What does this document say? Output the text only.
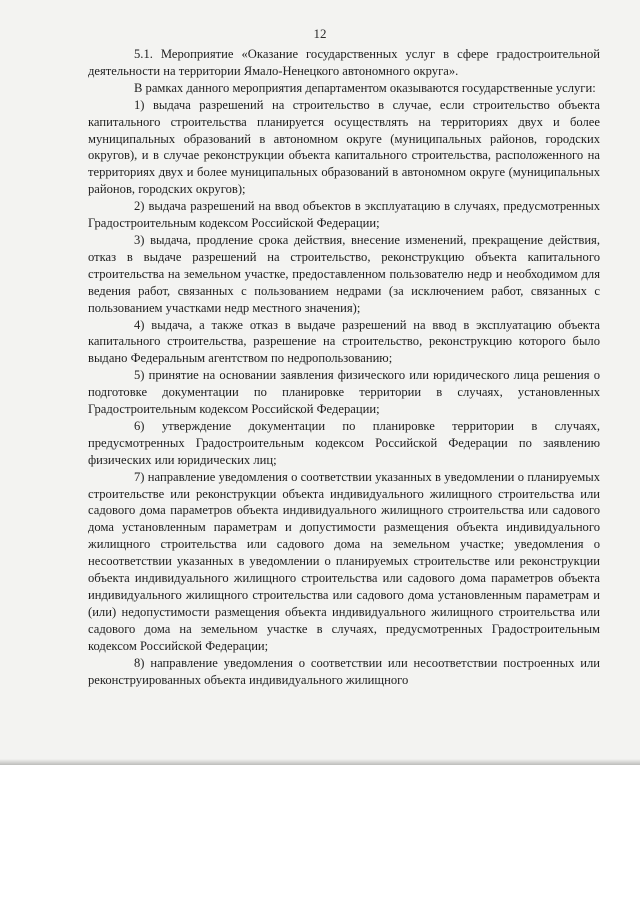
12

5.1. Мероприятие «Оказание государственных услуг в сфере градостроительной деятельности на территории Ямало-Ненецкого автономного округа».

В рамках данного мероприятия департаментом оказываются государственные услуги:

1) выдача разрешений на строительство в случае, если строительство объекта капитального строительства планируется осуществлять на территориях двух и более муниципальных образований в автономном округе (муниципальных районов, городских округов), и в случае реконструкции объекта капитального строительства, расположенного на территориях двух и более муниципальных образований в автономном округе (муниципальных районов, городских округов);

2) выдача разрешений на ввод объектов в эксплуатацию в случаях, предусмотренных Градостроительным кодексом Российской Федерации;

3) выдача, продление срока действия, внесение изменений, прекращение действия, отказ в выдаче разрешений на строительство, реконструкцию объекта капитального строительства на земельном участке, предоставленном пользователю недр и необходимом для ведения работ, связанных с пользованием недрами (за исключением работ, связанных с пользованием участками недр местного значения);

4) выдача, а также отказ в выдаче разрешений на ввод в эксплуатацию объекта капитального строительства, разрешение на строительство, реконструкцию которого было выдано Федеральным агентством по недропользованию;

5) принятие на основании заявления физического или юридического лица решения о подготовке документации по планировке территории в случаях, установленных Градостроительным кодексом Российской Федерации;

6) утверждение документации по планировке территории в случаях, предусмотренных Градостроительным кодексом Российской Федерации по заявлению физических или юридических лиц;

7) направление уведомления о соответствии указанных в уведомлении о планируемых строительстве или реконструкции объекта индивидуального жилищного строительства или садового дома параметров объекта индивидуального жилищного строительства или садового дома установленным параметрам и допустимости размещения объекта индивидуального жилищного строительства или садового дома на земельном участке; уведомления о несоответствии указанных в уведомлении о планируемых строительстве или реконструкции объекта индивидуального жилищного строительства или садового дома параметров объекта индивидуального жилищного строительства или садового дома установленным параметрам и (или) недопустимости размещения объекта индивидуального жилищного строительства или садового дома на земельном участке в случаях, предусмотренных Градостроительным кодексом Российской Федерации;

8) направление уведомления о соответствии или несоответствии построенных или реконструированных объекта индивидуального жилищного
